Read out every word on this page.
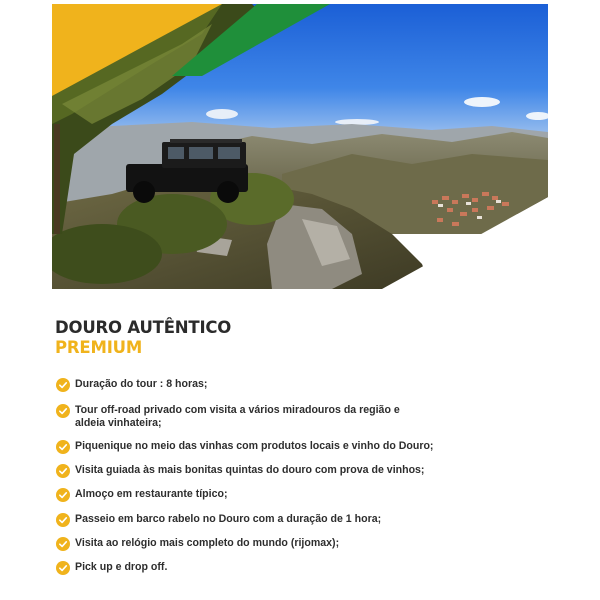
DOURO AUTÊNTICO
PREMIUM
Duração do tour : 8 horas;
Tour off-road privado com visita a vários miradouros da região e aldeia vinhateira;
Piquenique no meio das vinhas com produtos locais e vinho do Douro;
Visita guiada às mais bonitas quintas do douro com prova de vinhos;
Almoço em restaurante típico;
Passeio em barco rabelo no Douro com a duração de 1 hora;
Visita ao relógio mais completo do mundo (rijomax);
Pick up e drop off.
